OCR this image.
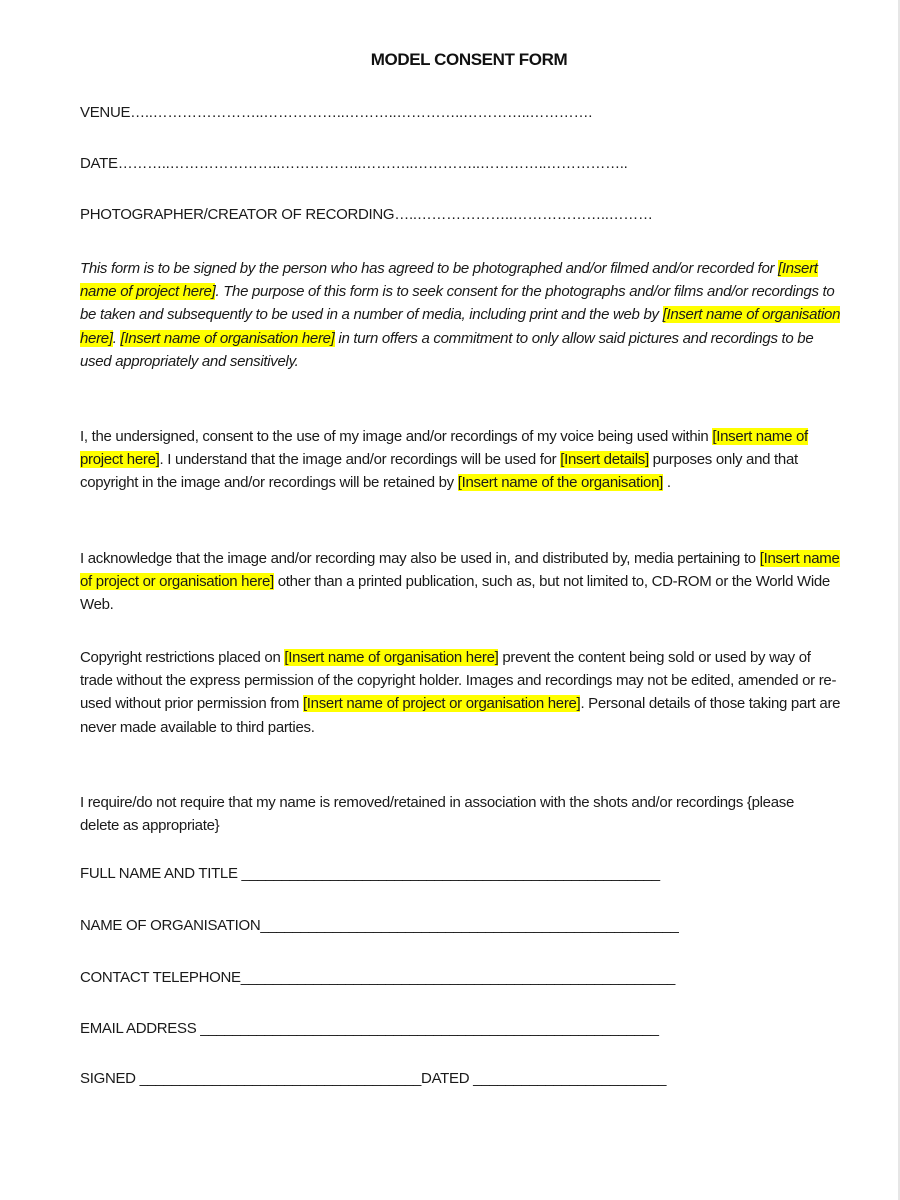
MODEL CONSENT FORM
VENUE…..…………………..……………..………..…………..…………..………….
DATE………..…………………..……………..………..…………..…………..……………..
PHOTOGRAPHER/CREATOR OF RECORDING…..………………..………………..………

This form is to be signed by the person who has agreed to be photographed and/or filmed and/or recorded for [Insert name of project here]. The purpose of this form is to seek consent for the photographs and/or films and/or recordings to be taken and subsequently to be used in a number of media, including print and the web by [Insert name of organisation here]. [Insert name of organisation here] in turn offers a commitment to only allow said pictures and recordings to be used appropriately and sensitively.

I, the undersigned, consent to the use of my image and/or recordings of my voice being used within [Insert name of project here]. I understand that the image and/or recordings will be used for [Insert details] purposes only and that copyright in the image and/or recordings will be retained by [Insert name of the organisation] .

I acknowledge that the image and/or recording may also be used in, and distributed by, media pertaining to [Insert name of project or organisation here] other than a printed publication, such as, but not limited to, CD-ROM or the World Wide Web.

Copyright restrictions placed on [Insert name of organisation here] prevent the content being sold or used by way of trade without the express permission of the copyright holder. Images and recordings may not be edited, amended or re-used without prior permission from [Insert name of project or organisation here]. Personal details of those taking part are never made available to third parties.

I require/do not require that my name is removed/retained in association with the shots and/or recordings {please delete as appropriate}

FULL NAME AND TITLE ____________________________________________________
NAME OF ORGANISATION____________________________________________________
CONTACT TELEPHONE______________________________________________________
EMAIL ADDRESS _________________________________________________________
SIGNED ___________________________________DATED ________________________
